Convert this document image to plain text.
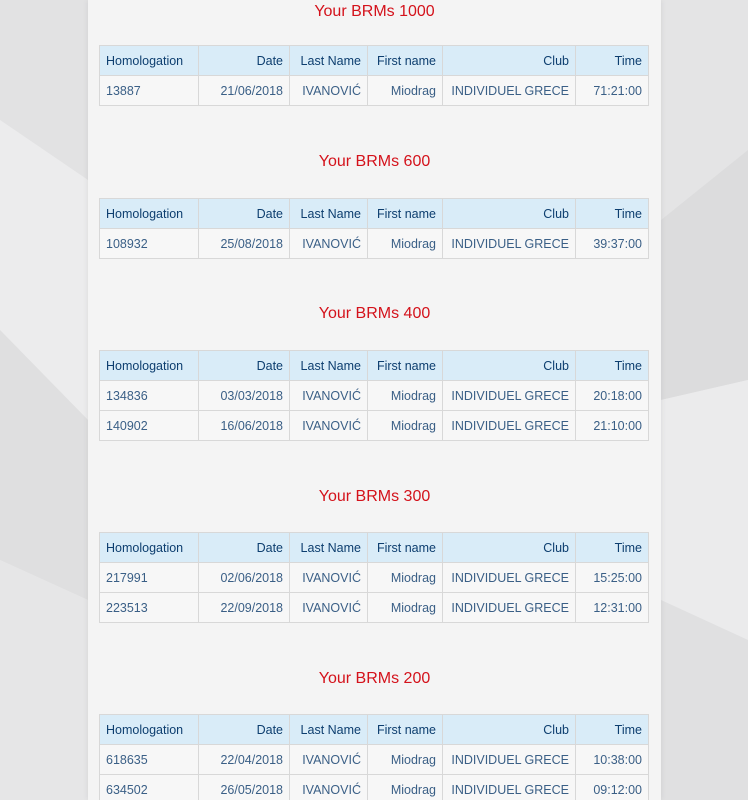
Your BRMs 1000
Homologation	Date	Last Name	First name	Club	Time
13887	21/06/2018	IVANOVIĆ	Miodrag	INDIVIDUEL GRECE	71:21:00
Your BRMs 600
Homologation	Date	Last Name	First name	Club	Time
108932	25/08/2018	IVANOVIĆ	Miodrag	INDIVIDUEL GRECE	39:37:00
Your BRMs 400
Homologation	Date	Last Name	First name	Club	Time
134836	03/03/2018	IVANOVIĆ	Miodrag	INDIVIDUEL GRECE	20:18:00
140902	16/06/2018	IVANOVIĆ	Miodrag	INDIVIDUEL GRECE	21:10:00
Your BRMs 300
Homologation	Date	Last Name	First name	Club	Time
217991	02/06/2018	IVANOVIĆ	Miodrag	INDIVIDUEL GRECE	15:25:00
223513	22/09/2018	IVANOVIĆ	Miodrag	INDIVIDUEL GRECE	12:31:00
Your BRMs 200
Homologation	Date	Last Name	First name	Club	Time
618635	22/04/2018	IVANOVIĆ	Miodrag	INDIVIDUEL GRECE	10:38:00
634502	26/05/2018	IVANOVIĆ	Miodrag	INDIVIDUEL GRECE	09:12:00
